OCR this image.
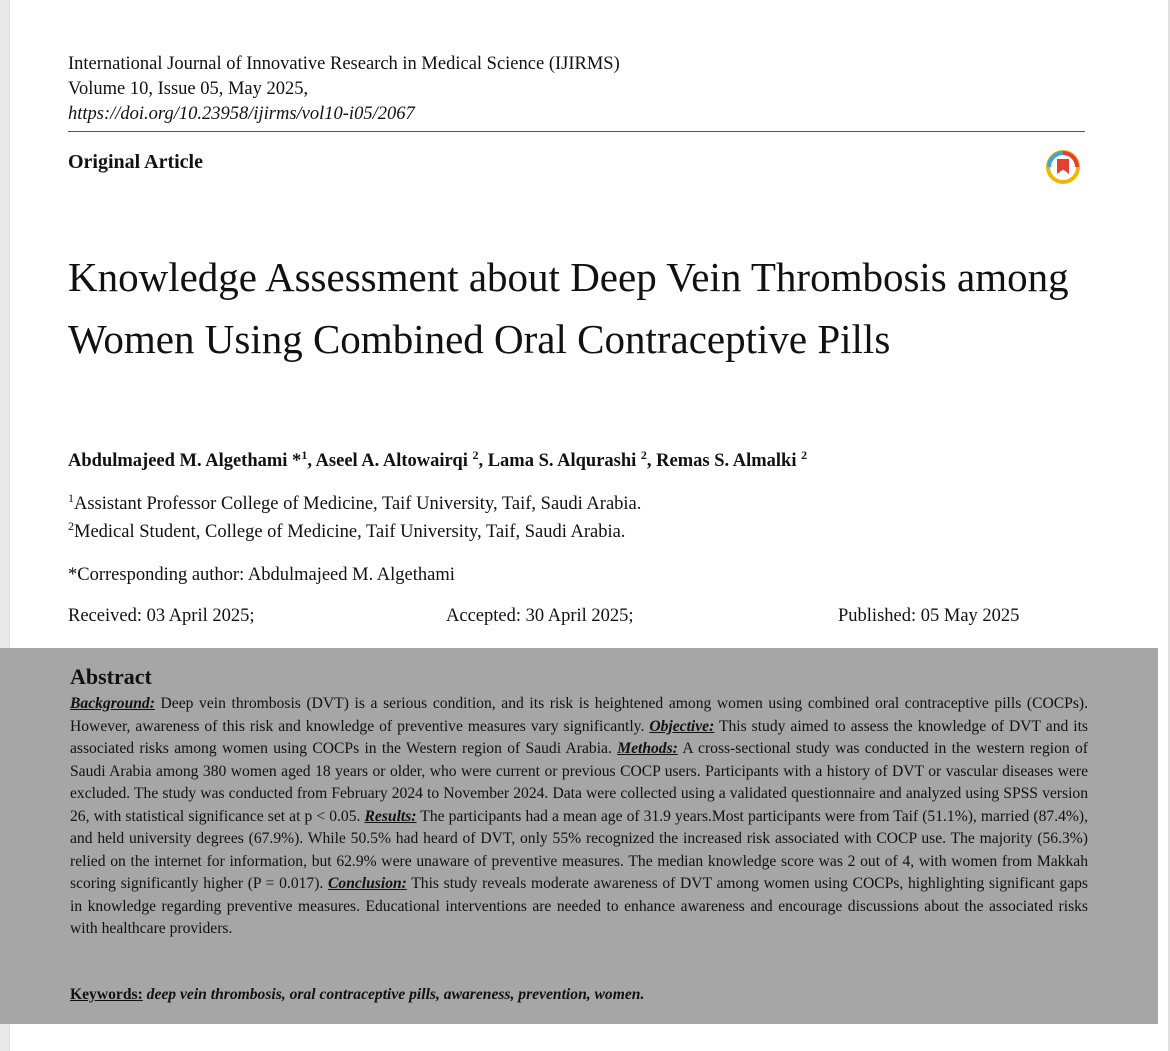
International Journal of Innovative Research in Medical Science (IJIRMS)
Volume 10, Issue 05, May 2025,
https://doi.org/10.23958/ijirms/vol10-i05/2067
Original Article
Knowledge Assessment about Deep Vein Thrombosis among Women Using Combined Oral Contraceptive Pills
Abdulmajeed M. Algethami *$^1$, Aseel A. Altowairqi $^2$, Lama S. Alqurashi $^2$, Remas S. Almalki $^2$
$^1$Assistant Professor College of Medicine, Taif University, Taif, Saudi Arabia.
$^2$Medical Student, College of Medicine, Taif University, Taif, Saudi Arabia.
*Corresponding author: Abdulmajeed M. Algethami
Received: 03 April 2025;	Accepted: 30 April 2025;	Published: 05 May 2025
Abstract
Background: Deep vein thrombosis (DVT) is a serious condition, and its risk is heightened among women using combined oral contraceptive pills (COCPs). However, awareness of this risk and knowledge of preventive measures vary significantly. Objective: This study aimed to assess the knowledge of DVT and its associated risks among women using COCPs in the Western region of Saudi Arabia. Methods: A cross-sectional study was conducted in the western region of Saudi Arabia among 380 women aged 18 years or older, who were current or previous COCP users. Participants with a history of DVT or vascular diseases were excluded. The study was conducted from February 2024 to November 2024. Data were collected using a validated questionnaire and analyzed using SPSS version 26, with statistical significance set at p < 0.05. Results: The participants had a mean age of 31.9 years.Most participants were from Taif (51.1%), married (87.4%), and held university degrees (67.9%). While 50.5% had heard of DVT, only 55% recognized the increased risk associated with COCP use. The majority (56.3%) relied on the internet for information, but 62.9% were unaware of preventive measures. The median knowledge score was 2 out of 4, with women from Makkah scoring significantly higher (P = 0.017). Conclusion: This study reveals moderate awareness of DVT among women using COCPs, highlighting significant gaps in knowledge regarding preventive measures. Educational interventions are needed to enhance awareness and encourage discussions about the associated risks with healthcare providers.
Keywords: deep vein thrombosis, oral contraceptive pills, awareness, prevention, women.
